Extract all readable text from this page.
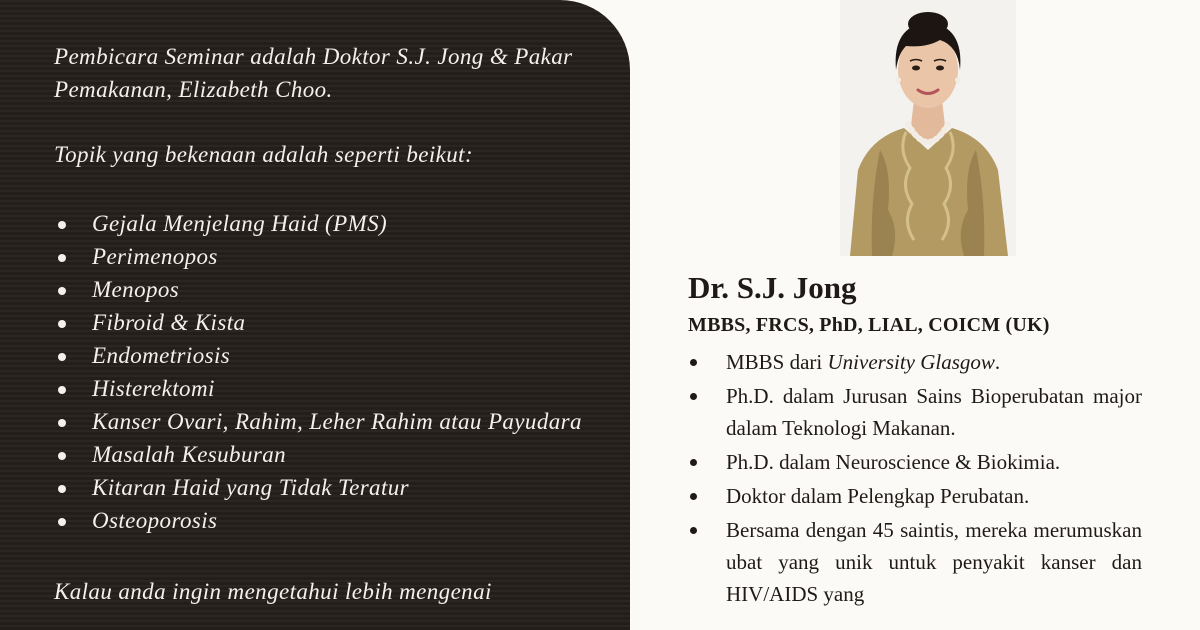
Pembicara Seminar adalah Doktor S.J. Jong & Pakar Pemakanan, Elizabeth Choo.

Topik yang bekenaan adalah seperti beikut:

Gejala Menjelang Haid (PMS)
Perimenopos
Menopos
Fibroid & Kista
Endometriosis
Histerektomi
Kanser Ovari, Rahim, Leher Rahim atau Payudara
Masalah Kesuburan
Kitaran Haid yang Tidak Teratur
Osteoporosis

Kalau anda ingin mengetahui lebih mengenai

Dr. S.J. Jong

MBBS, FRCS, PhD, LIAL, COICM (UK)

MBBS dari University Glasgow.
Ph.D. dalam Jurusan Sains Bioperubatan major dalam Teknologi Makanan.
Ph.D. dalam Neuroscience & Biokimia.
Doktor dalam Pelengkap Perubatan.
Bersama dengan 45 saintis, mereka merumuskan ubat yang unik untuk penyakit kanser dan HIV/AIDS yang
